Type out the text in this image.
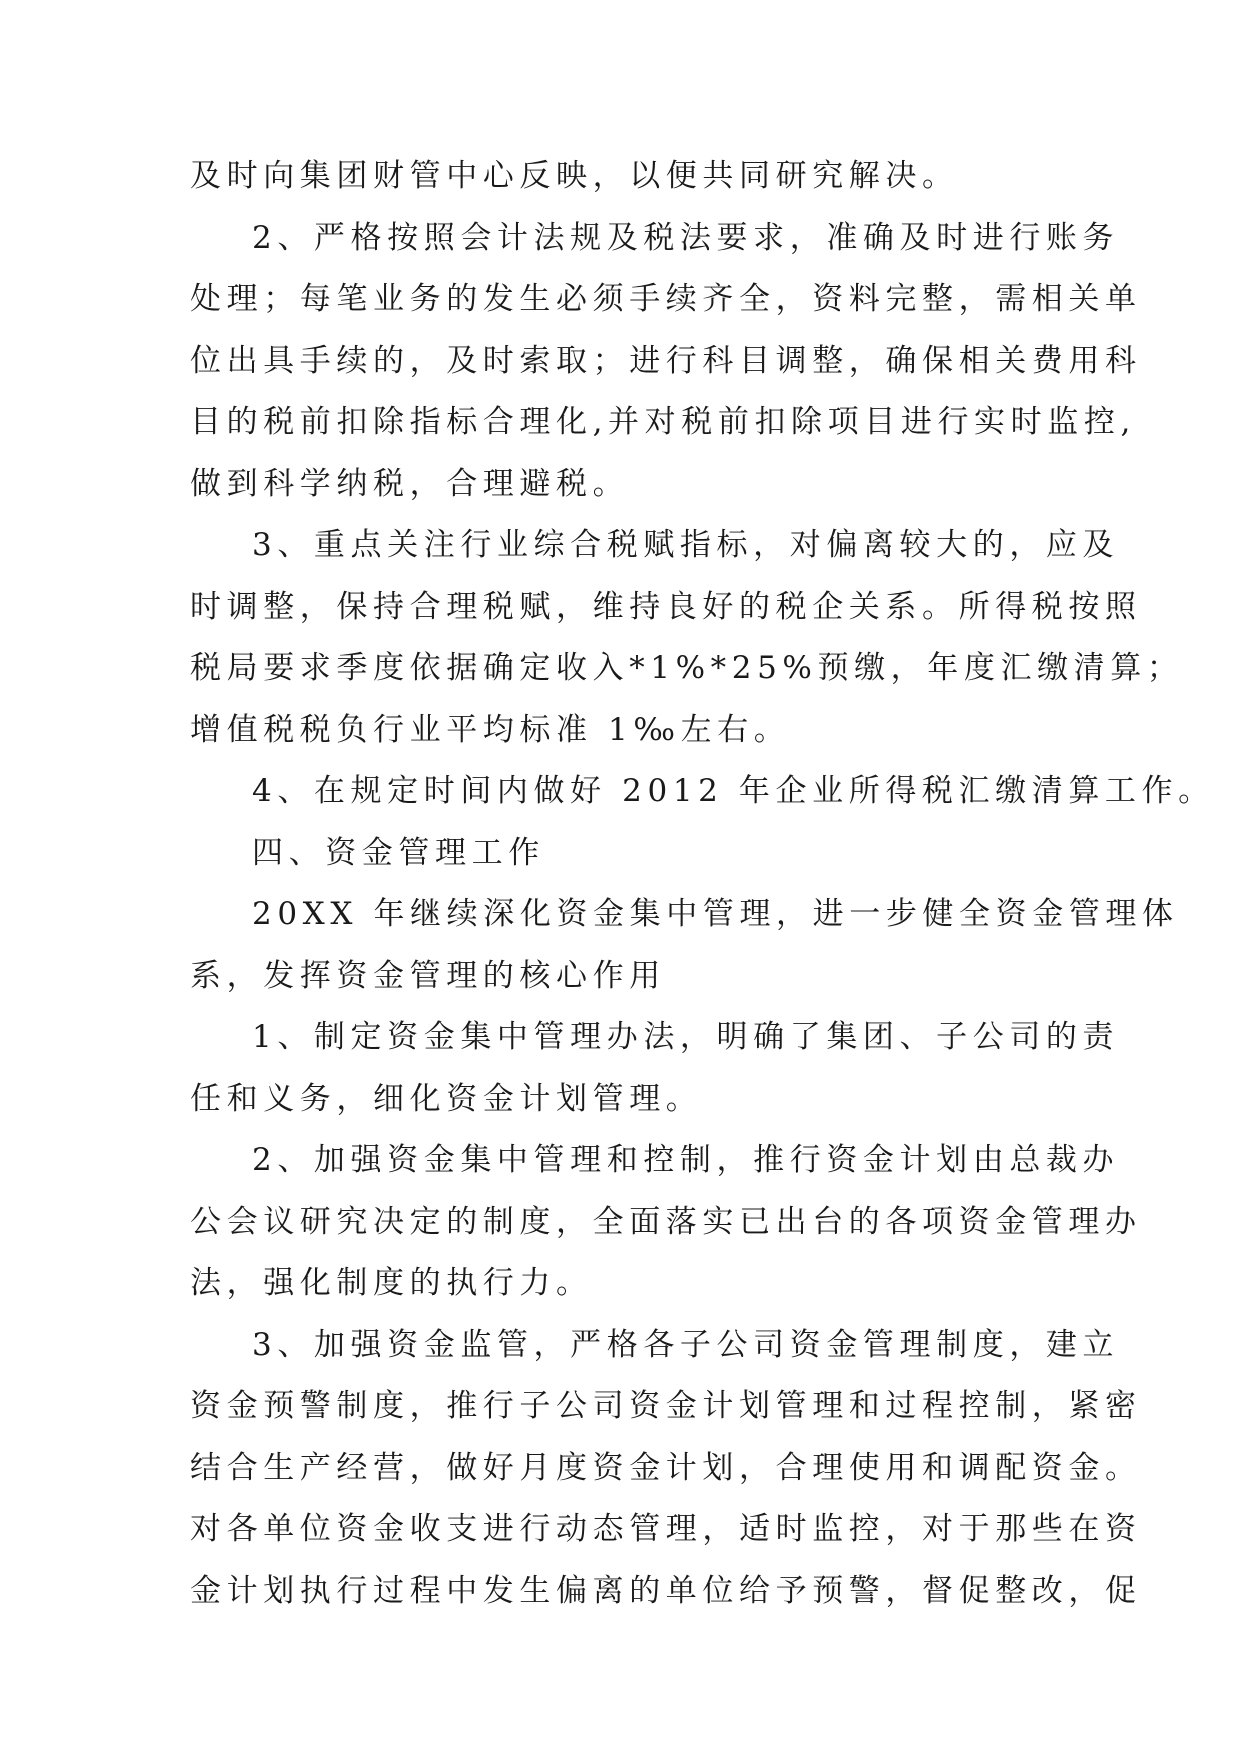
及时向集团财管中心反映，以便共同研究解决。
2、严格按照会计法规及税法要求，准确及时进行账务
处理；每笔业务的发生必须手续齐全，资料完整，需相关单
位出具手续的，及时索取；进行科目调整，确保相关费用科
目的税前扣除指标合理化,并对税前扣除项目进行实时监控,
做到科学纳税，合理避税。
3、重点关注行业综合税赋指标，对偏离较大的，应及
时调整，保持合理税赋，维持良好的税企关系。所得税按照
税局要求季度依据确定收入*1%*25%预缴，年度汇缴清算；
增值税税负行业平均标准 1‰左右。
4、在规定时间内做好 2012 年企业所得税汇缴清算工作。
四、资金管理工作
20XX 年继续深化资金集中管理，进一步健全资金管理体
系，发挥资金管理的核心作用
1、制定资金集中管理办法，明确了集团、子公司的责
任和义务，细化资金计划管理。
2、加强资金集中管理和控制，推行资金计划由总裁办
公会议研究决定的制度，全面落实已出台的各项资金管理办
法，强化制度的执行力。
3、加强资金监管，严格各子公司资金管理制度，建立
资金预警制度，推行子公司资金计划管理和过程控制，紧密
结合生产经营，做好月度资金计划，合理使用和调配资金。
对各单位资金收支进行动态管理，适时监控，对于那些在资
金计划执行过程中发生偏离的单位给予预警，督促整改，促
